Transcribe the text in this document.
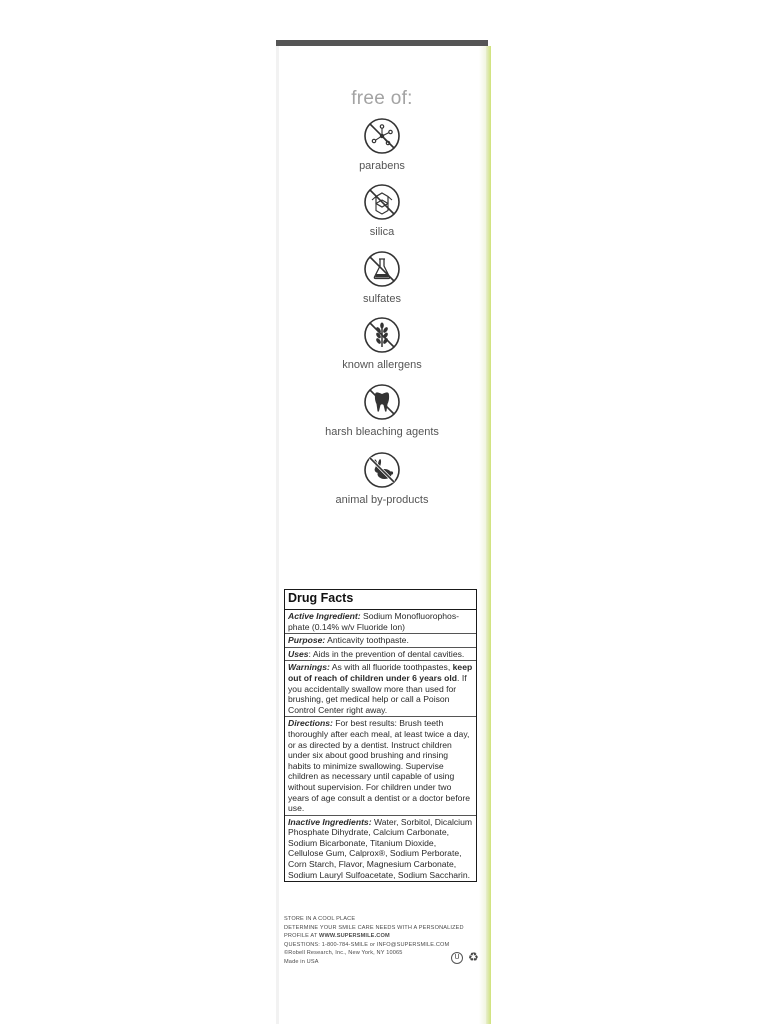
free of:
parabens
silica
sulfates
known allergens
harsh bleaching agents
animal by-products
Drug Facts
Active Ingredient: Sodium Monofluorophos-phate (0.14% w/v Fluoride Ion)
Purpose: Anticavity toothpaste.
Uses: Aids in the prevention of dental cavities.
Warnings: As with all fluoride toothpastes, keep out of reach of children under 6 years old. If you accidentally swallow more than used for brushing, get medical help or call a Poison Control Center right away.
Directions: For best results: Brush teeth thoroughly after each meal, at least twice a day, or as directed by a dentist. Instruct children under six about good brushing and rinsing habits to minimize swallowing. Supervise children as necessary until capable of using without supervision. For children under two years of age consult a dentist or a doctor before use.
Inactive Ingredients: Water, Sorbitol, Dicalcium Phosphate Dihydrate, Calcium Carbonate, Sodium Bicarbonate, Titanium Dioxide, Cellulose Gum, Calprox®, Sodium Perborate, Corn Starch, Flavor, Magnesium Carbonate, Sodium Lauryl Sulfoacetate, Sodium Saccharin.
STORE IN A COOL PLACE
DETERMINE YOUR SMILE CARE NEEDS WITH A PERSONALIZED
PROFILE AT WWW.SUPERSMILE.COM
QUESTIONS: 1-800-784-SMILE or INFO@SUPERSMILE.COM
©Robell Research, Inc., New York, NY 10065
Made in USA
U ♻
